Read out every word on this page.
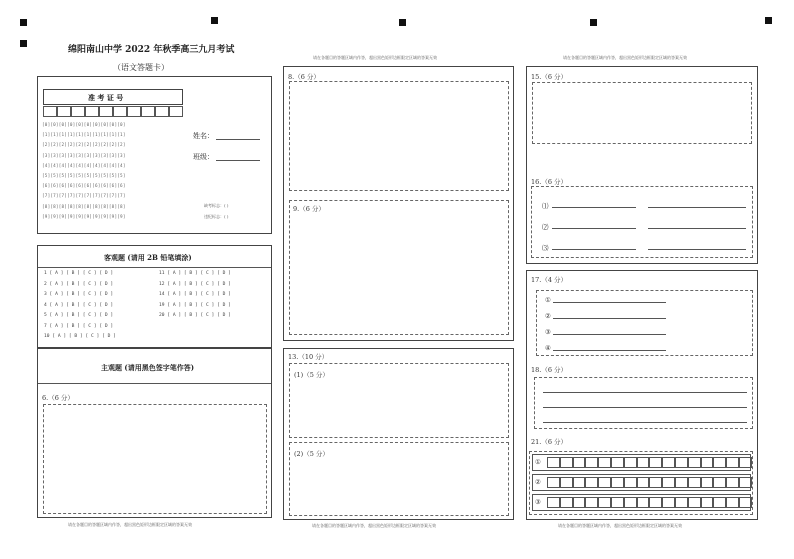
绵阳南山中学 2022 年秋季高三九月考试
（语文答题卡）
请在各题目的答题区域内作答，超出黑色矩形边框限定区域的答案无效	请在各题目的答题区域内作答，超出黑色矩形边框限定区域的答案无效
请在各题目的答题区域内作答，超出黑色矩形边框限定区域的答案无效	请在各题目的答题区域内作答，超出黑色矩形边框限定区域的答案无效	请在各题目的答题区域内作答，超出黑色矩形边框限定区域的答案无效
准 考 证 号
[0][0][0][0][0][0][0][0][0][0]
[1][1][1][1][1][1][1][1][1][1]
[2][2][2][2][2][2][2][2][2][2]
[3][3][3][3][3][3][3][3][3][3]
[4][4][4][4][4][4][4][4][4][4]
[5][5][5][5][5][5][5][5][5][5]
[6][6][6][6][6][6][6][6][6][6]
[7][7][7][7][7][7][7][7][7][7]
[8][8][8][8][8][8][8][8][8][8]
[9][9][9][9][9][9][9][9][9][9]
姓名：
班级：
缺考标志：( )
违纪标志：( )
客观题 (请用 2B 铅笔填涂)
1 [ A ] [ B ] [ C ] [ D ]
2 [ A ] [ B ] [ C ] [ D ]
3 [ A ] [ B ] [ C ] [ D ]
4 [ A ] [ B ] [ C ] [ D ]
5 [ A ] [ B ] [ C ] [ D ]
7 [ A ] [ B ] [ C ] [ D ]
10 [ A ] [ B ] [ C ] [ D ]
11 [ A ] [ B ] [ C ] [ D ]
12 [ A ] [ B ] [ C ] [ D ]
14 [ A ] [ B ] [ C ] [ D ]
19 [ A ] [ B ] [ C ] [ D ]
20 [ A ] [ B ] [ C ] [ D ]
主观题 (请用黑色签字笔作答)
6.（6 分）
8.（6 分）
9.（6 分）
13.（10 分）
(1)（5 分）
(2)（5 分）
15.（6 分）
16.（6 分）
⑴
⑵
⑶
17.（4 分）
①
②
③
④
18.（6 分）
21.（6 分）
①
②
③
